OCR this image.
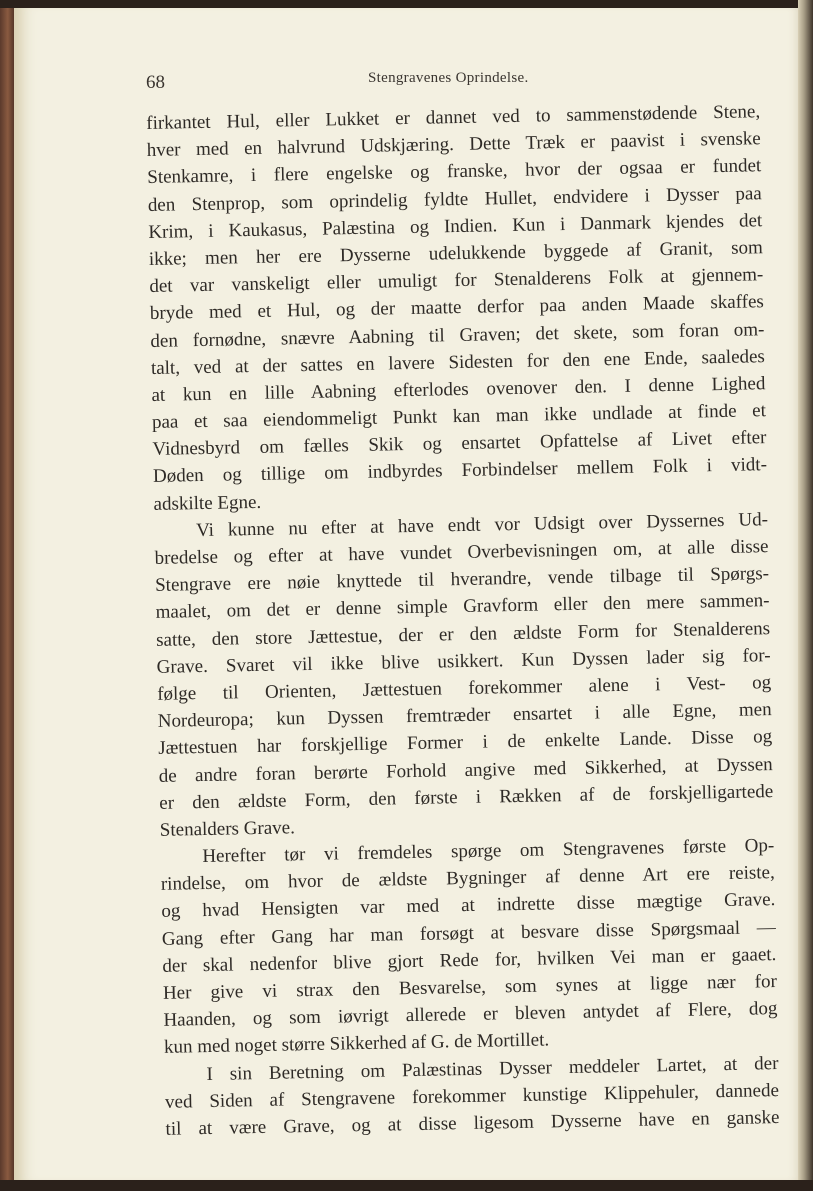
68	Stengravenes Oprindelse.
firkantet Hul, eller Lukket er dannet ved to sammenstødende Stene,
hver med en halvrund Udskjæring. Dette Træk er paavist i svenske
Stenkamre, i flere engelske og franske, hvor der ogsaa er fundet
den Stenprop, som oprindelig fyldte Hullet, endvidere i Dysser paa
Krim, i Kaukasus, Palæstina og Indien. Kun i Danmark kjendes det
ikke; men her ere Dysserne udelukkende byggede af Granit, som
det var vanskeligt eller umuligt for Stenalderens Folk at gjennem-
bryde med et Hul, og der maatte derfor paa anden Maade skaffes
den fornødne, snævre Aabning til Graven; det skete, som foran om-
talt, ved at der sattes en lavere Sidesten for den ene Ende, saaledes
at kun en lille Aabning efterlodes ovenover den. I denne Lighed
paa et saa eiendommeligt Punkt kan man ikke undlade at finde et
Vidnesbyrd om fælles Skik og ensartet Opfattelse af Livet efter
Døden og tillige om indbyrdes Forbindelser mellem Folk i vidt-
adskilte Egne.
Vi kunne nu efter at have endt vor Udsigt over Dyssernes Ud-
bredelse og efter at have vundet Overbevisningen om, at alle disse
Stengrave ere nøie knyttede til hverandre, vende tilbage til Spørgs-
maalet, om det er denne simple Gravform eller den mere sammen-
satte, den store Jættestue, der er den ældste Form for Stenalderens
Grave. Svaret vil ikke blive usikkert. Kun Dyssen lader sig for-
følge til Orienten, Jættestuen forekommer alene i Vest- og
Nordeuropa; kun Dyssen fremtræder ensartet i alle Egne, men
Jættestuen har forskjellige Former i de enkelte Lande. Disse og
de andre foran berørte Forhold angive med Sikkerhed, at Dyssen
er den ældste Form, den første i Rækken af de forskjelligartede
Stenalders Grave.
Herefter tør vi fremdeles spørge om Stengravenes første Op-
rindelse, om hvor de ældste Bygninger af denne Art ere reiste,
og hvad Hensigten var med at indrette disse mægtige Grave.
Gang efter Gang har man forsøgt at besvare disse Spørgsmaal —
der skal nedenfor blive gjort Rede for, hvilken Vei man er gaaet.
Her give vi strax den Besvarelse, som synes at ligge nær for
Haanden, og som iøvrigt allerede er bleven antydet af Flere, dog
kun med noget større Sikkerhed af G. de Mortillet.
I sin Beretning om Palæstinas Dysser meddeler Lartet, at der
ved Siden af Stengravene forekommer kunstige Klippehuler, dannede
til at være Grave, og at disse ligesom Dysserne have en ganske
